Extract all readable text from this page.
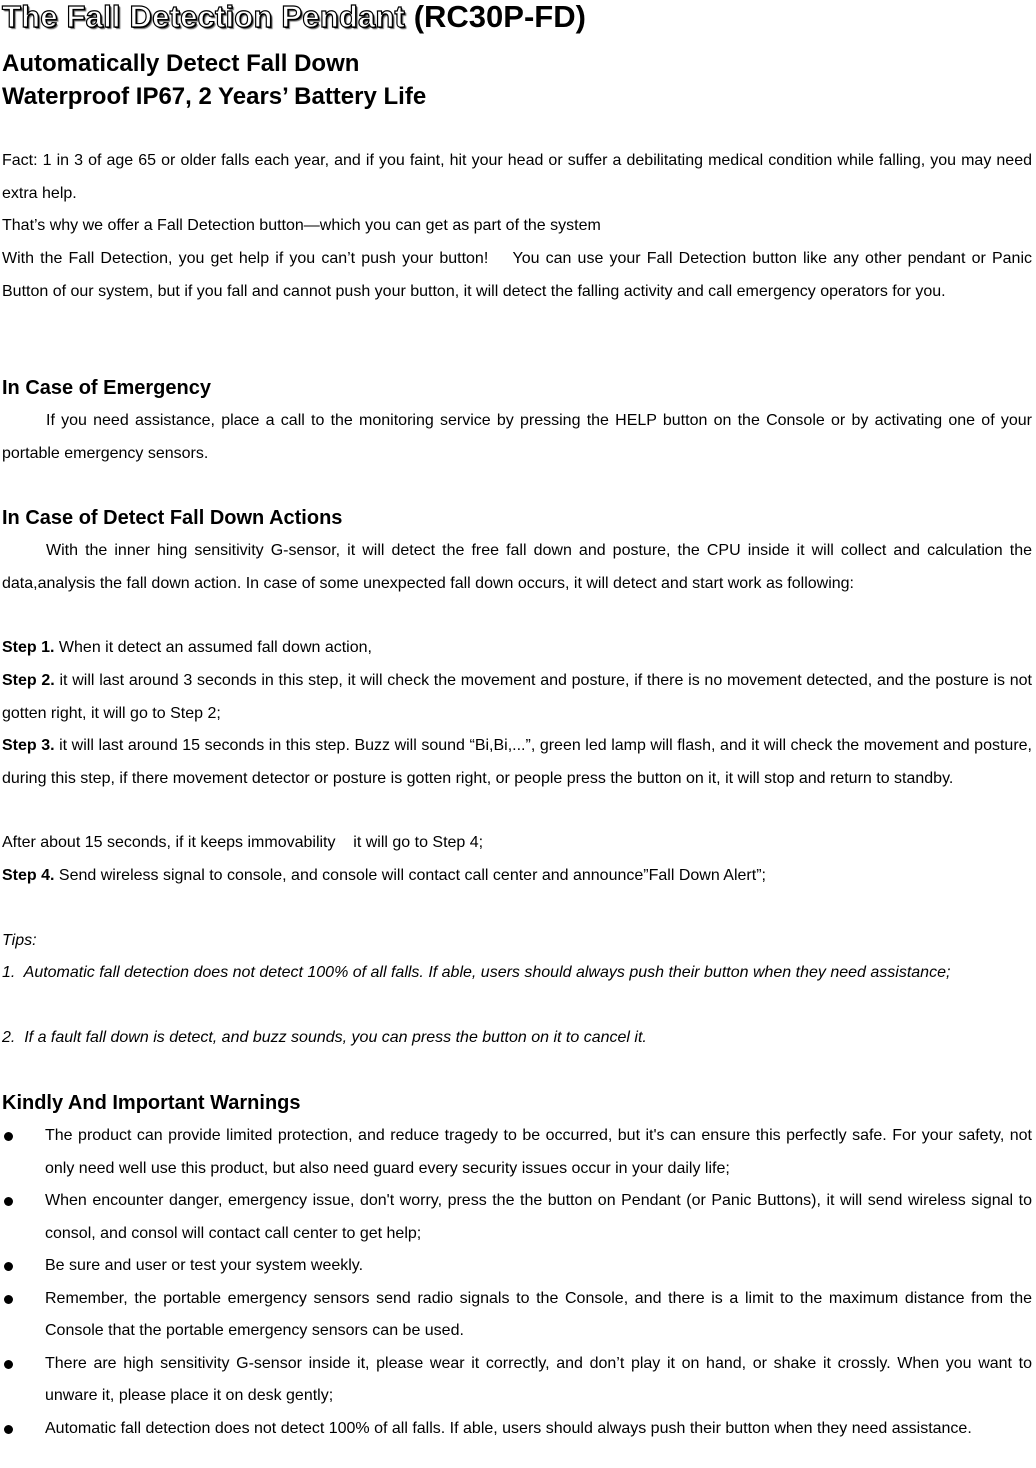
The Fall Detection Pendant (RC30P-FD)
Automatically Detect Fall Down
Waterproof IP67, 2 Years’ Battery Life
Fact: 1 in 3 of age 65 or older falls each year, and if you faint, hit your head or suffer a debilitating medical condition while falling, you may need extra help.
That’s why we offer a Fall Detection button—which you can get as part of the system
With the Fall Detection, you get help if you can’t push your button!    You can use your Fall Detection button like any other pendant or Panic Button of our system, but if you fall and cannot push your button, it will detect the falling activity and call emergency operators for you.
In Case of Emergency
If you need assistance, place a call to the monitoring service by pressing the HELP button on the Console or by activating one of your portable emergency sensors.
In Case of Detect Fall Down Actions
With the inner hing sensitivity G-sensor, it will detect the free fall down and posture, the CPU inside it will collect and calculation the data,analysis the fall down action. In case of some unexpected fall down occurs, it will detect and start work as following:
Step 1. When it detect an assumed fall down action,
Step 2. it will last around 3 seconds in this step, it will check the movement and posture, if there is no movement detected, and the posture is not gotten right, it will go to Step 2;
Step 3. it will last around 15 seconds in this step. Buzz will sound “Bi,Bi,...”, green led lamp will flash, and it will check the movement and posture, during this step, if there movement detector or posture is gotten right, or people press the button on it, it will stop and return to standby.
After about 15 seconds, if it keeps immovability    it will go to Step 4;
Step 4. Send wireless signal to console, and console will contact call center and announce”Fall Down Alert”;
Tips:
1.  Automatic fall detection does not detect 100% of all falls. If able, users should always push their button when they need assistance;
2.  If a fault fall down is detect, and buzz sounds, you can press the button on it to cancel it.
Kindly And Important Warnings
The product can provide limited protection, and reduce tragedy to be occurred, but it's can ensure this perfectly safe. For your safety, not only need well use this product, but also need guard every security issues occur in your daily life;
When encounter danger, emergency issue, don't worry, press the the button on Pendant (or Panic Buttons), it will send wireless signal to consol, and consol will contact call center to get help;
Be sure and user or test your system weekly.
Remember, the portable emergency sensors send radio signals to the Console, and there is a limit to the maximum distance from the Console that the portable emergency sensors can be used.
There are high sensitivity G-sensor inside it, please wear it correctly, and don’t play it on hand, or shake it crossly. When you want to unware it, please place it on desk gently;
Automatic fall detection does not detect 100% of all falls. If able, users should always push their button when they need assistance.
